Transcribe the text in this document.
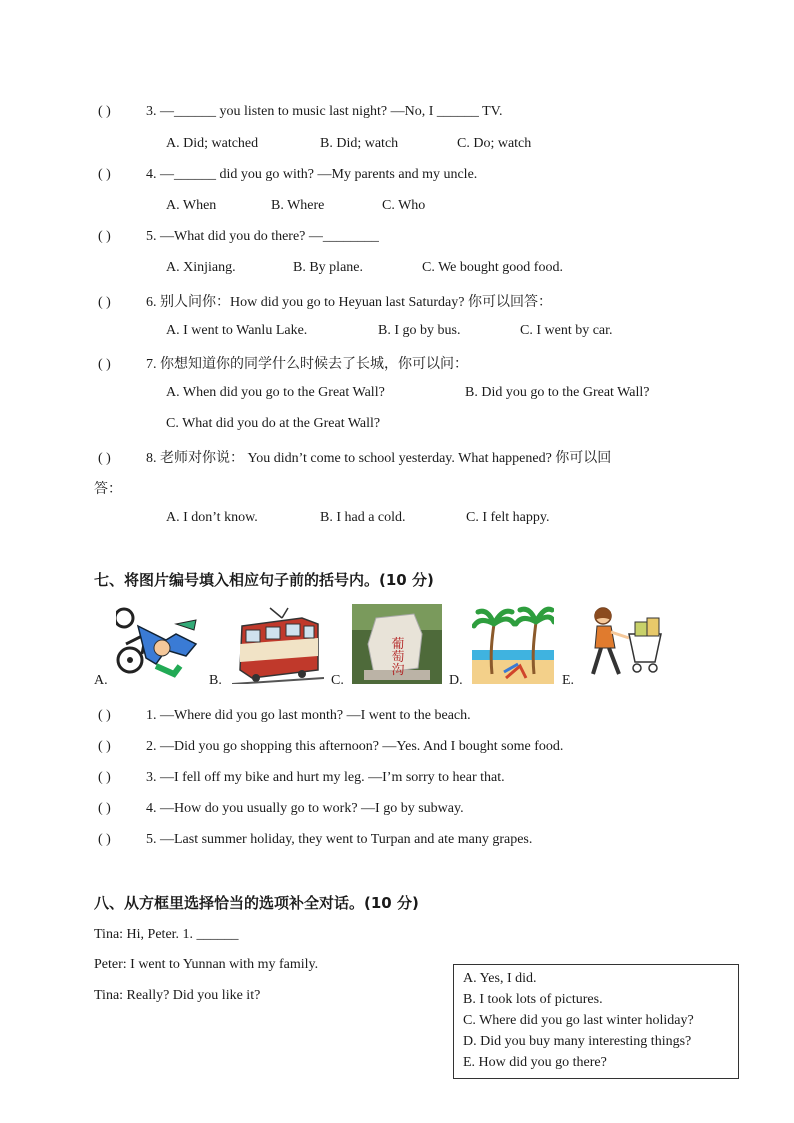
( )	3. —______ you listen to music last night? —No, I ______ TV.
A. Did; watched	B. Did; watch	C. Do; watch
( )	4. —______ did you go with? —My parents and my uncle.
A. When	B. Where	C. Who
( )	5. —What did you do there? —________
A. Xinjiang.	B. By plane.	C. We bought good food.
( )	6. 别人问你：How did you go to Heyuan last Saturday? 你可以回答：
A. I went to Wanlu Lake.	B. I go by bus.	C. I went by car.
( )	7. 你想知道你的同学什么时候去了长城，你可以问：
A. When did you go to the Great Wall?	B. Did you go to the Great Wall?
C. What did you do at the Great Wall?
( )	8. 老师对你说： You didn’t come to school yesterday. What happened? 你可以回
答：
A. I don’t know.	B. I had a cold.	C. I felt happy.
七、将图片编号填入相应句子前的括号内。(10 分)
A.	B.
葡萄沟
C.	D.	E.
( )	1. —Where did you go last month? —I went to the beach.
( )	2. —Did you go shopping this afternoon? —Yes. And I bought some food.
( )	3. —I fell off my bike and hurt my leg. —I’m sorry to hear that.
( )	4. —How do you usually go to work? —I go by subway.
( )	5. —Last summer holiday, they went to Turpan and ate many grapes.
八、从方框里选择恰当的选项补全对话。(10 分)
Tina: Hi, Peter. 1. ______
Peter: I went to Yunnan with my family.
Tina: Really? Did you like it?
A. Yes, I did.
B. I took lots of pictures.
C. Where did you go last winter holiday?
D. Did you buy many interesting things?
E. How did you go there?
